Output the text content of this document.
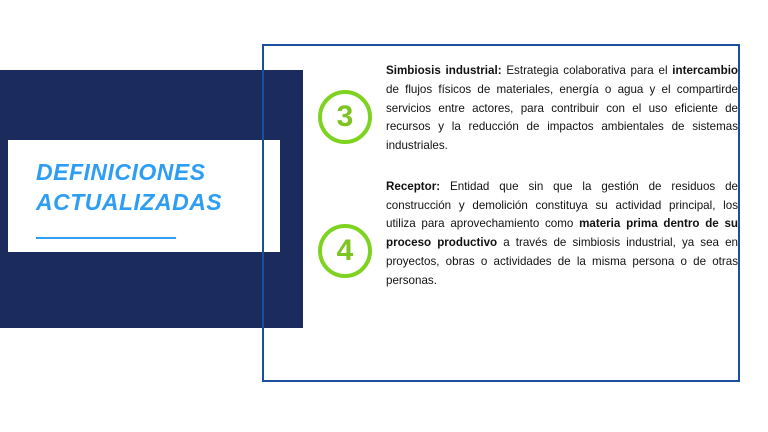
DEFINICIONES
ACTUALIZADAS
3
Simbiosis industrial: Estrategia colaborativa para el intercambio de flujos físicos de materiales, energía o agua y el compartirde servicios entre actores, para contribuir con el uso eficiente de recursos y la reducción de impactos ambientales de sistemas industriales.
4
Receptor: Entidad que sin que la gestión de residuos de construcción y demolición constituya su actividad principal, los utiliza para aprovechamiento como materia prima dentro de su proceso productivo a través de simbiosis industrial, ya sea en proyectos, obras o actividades de la misma persona o de otras personas.
